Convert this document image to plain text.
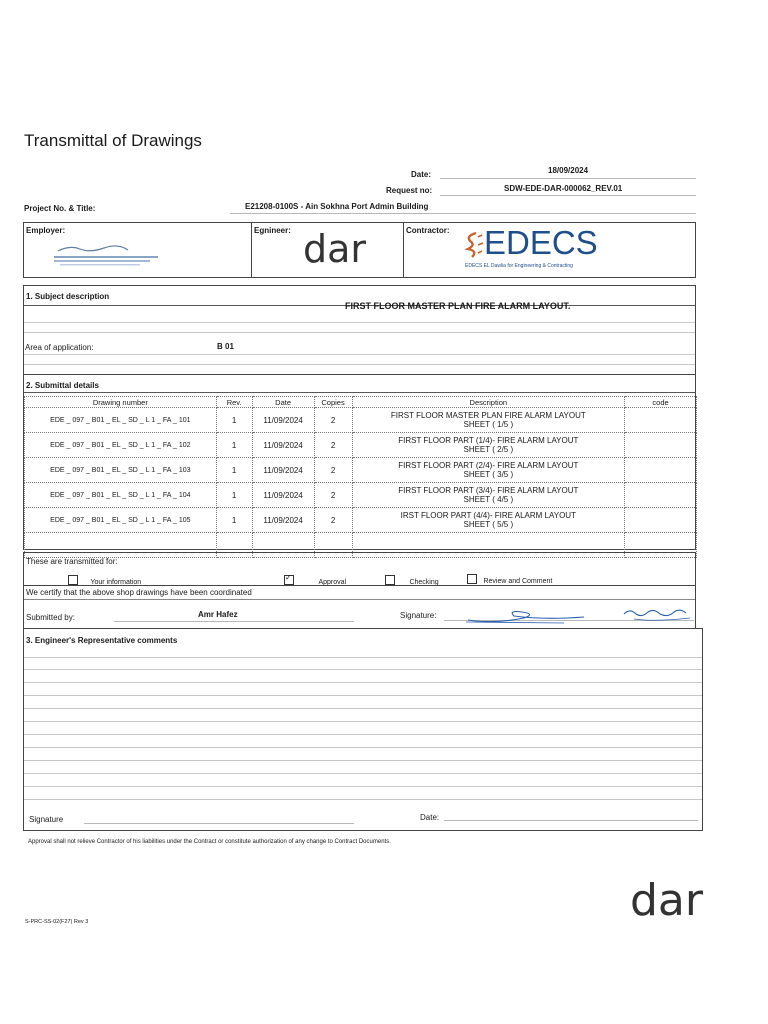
Transmittal of Drawings
Date:	18/09/2024
Request no:	SDW-EDE-DAR-000062_REV.01
Project No. & Title:	E21208-0100S - Ain Sokhna Port Admin Building
Employer:	Egnineer: dar	Contractor: EDECS
EDECS EL Dawlia for Engineering & Contracting
1. Subject description
FIRST FLOOR MASTER PLAN FIRE ALARM LAYOUT.
Area of application:	B 01
2. Submittal details
Drawing number	Rev.	Date	Copies	Description	code
EDE _ 097 _ B01 _ EL _ SD _ L 1 _ FA _ 101	1	11/09/2024	2	FIRST FLOOR MASTER PLAN FIRE ALARM LAYOUT
SHEET ( 1/5 )	

EDE _ 097 _ B01 _ EL _ SD _ L 1 _ FA _ 102	1	11/09/2024	2	FIRST FLOOR PART (1/4)- FIRE ALARM LAYOUT
SHEET ( 2/5 )	

EDE _ 097 _ B01 _ EL _ SD _ L 1 _ FA _ 103	1	11/09/2024	2	FIRST FLOOR PART (2/4)- FIRE ALARM LAYOUT
SHEET ( 3/5 )	

EDE _ 097 _ B01 _ EL _ SD _ L 1 _ FA _ 104	1	11/09/2024	2	FIRST FLOOR PART (3/4)- FIRE ALARM LAYOUT
SHEET ( 4/5 )	

EDE _ 097 _ B01 _ EL _ SD _ L 1 _ FA _ 105	1	11/09/2024	2	IRST FLOOR PART (4/4)- FIRE ALARM LAYOUT
SHEET ( 5/5 )	

These are transmitted for:
Your information ✓	Approval	Checking	Review and Comment
We certify that the above shop drawings have been coordinated
Submitted by:	Amr Hafez	Signature:
3. Engineer's Representative comments
Signature	Date:
Approval shall not relieve Contractor of his liabilities under the Contract or constitute authorization of any change to Contract Documents.
S-PRC-SS-02(F27) Rev 3	dar
